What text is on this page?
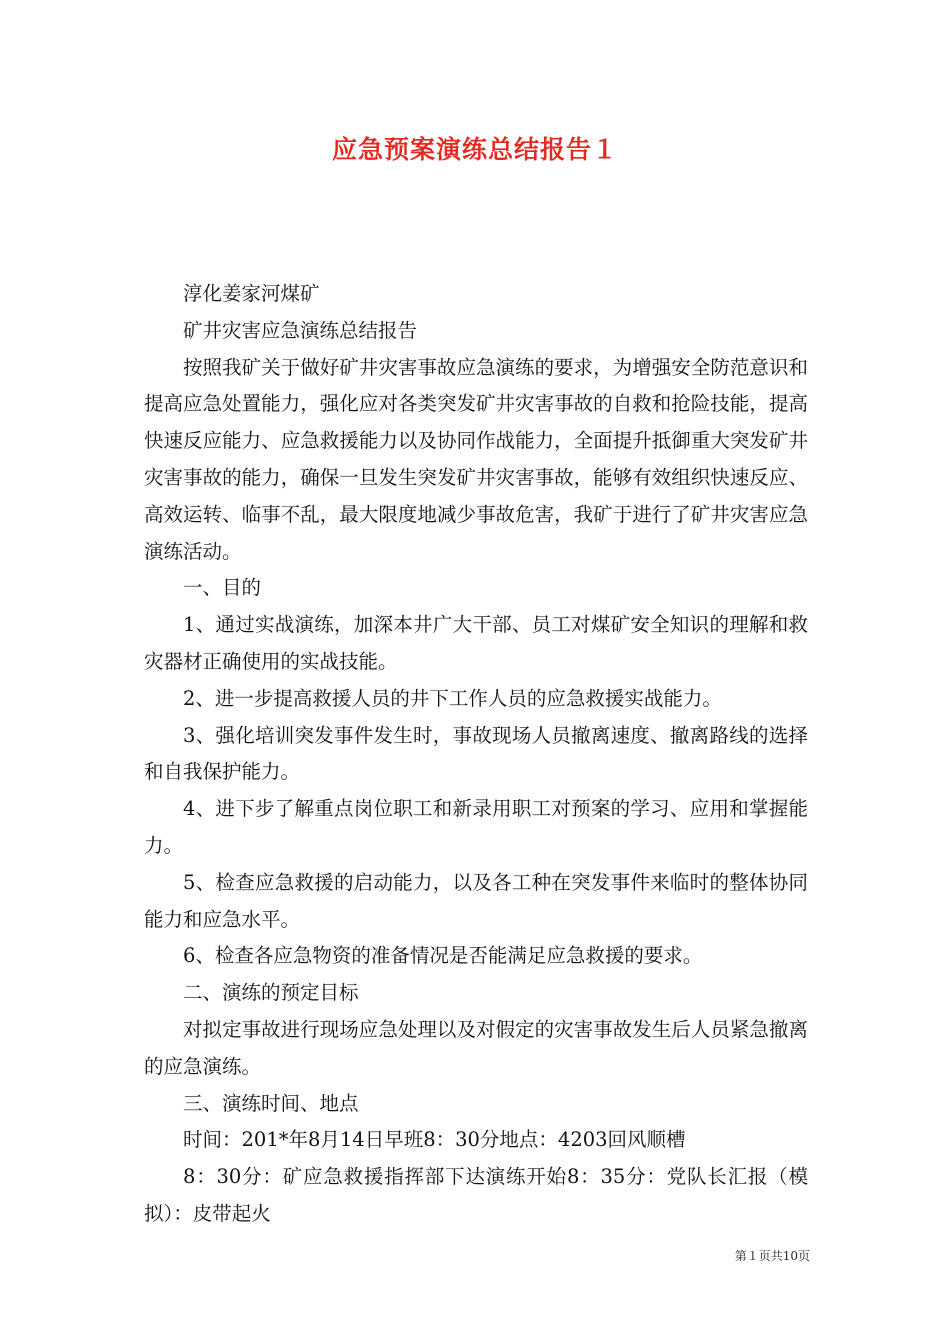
应急预案演练总结报告１

淳化姜家河煤矿

矿井灾害应急演练总结报告

按照我矿关于做好矿井灾害事故应急演练的要求，为增强安全防范意识和提高应急处置能力，强化应对各类突发矿井灾害事故的自救和抢险技能，提高快速反应能力、应急救援能力以及协同作战能力，全面提升抵御重大突发矿井灾害事故的能力，确保一旦发生突发矿井灾害事故，能够有效组织快速反应、高效运转、临事不乱，最大限度地减少事故危害，我矿于进行了矿井灾害应急演练活动。

一、目的

1、通过实战演练，加深本井广大干部、员工对煤矿安全知识的理解和救灾器材正确使用的实战技能。

2、进一步提高救援人员的井下工作人员的应急救援实战能力。

3、强化培训突发事件发生时，事故现场人员撤离速度、撤离路线的选择和自我保护能力。

4、进下步了解重点岗位职工和新录用职工对预案的学习、应用和掌握能力。

5、检查应急救援的启动能力，以及各工种在突发事件来临时的整体协同能力和应急水平。

6、检查各应急物资的准备情况是否能满足应急救援的要求。

二、演练的预定目标

对拟定事故进行现场应急处理以及对假定的灾害事故发生后人员紧急撤离的应急演练。

三、演练时间、地点

时间：201*年8月14日早班8：30分地点：4203回风顺槽

8：30分：矿应急救援指挥部下达演练开始8：35分：党队长汇报（模拟）：皮带起火

第１页共10页
